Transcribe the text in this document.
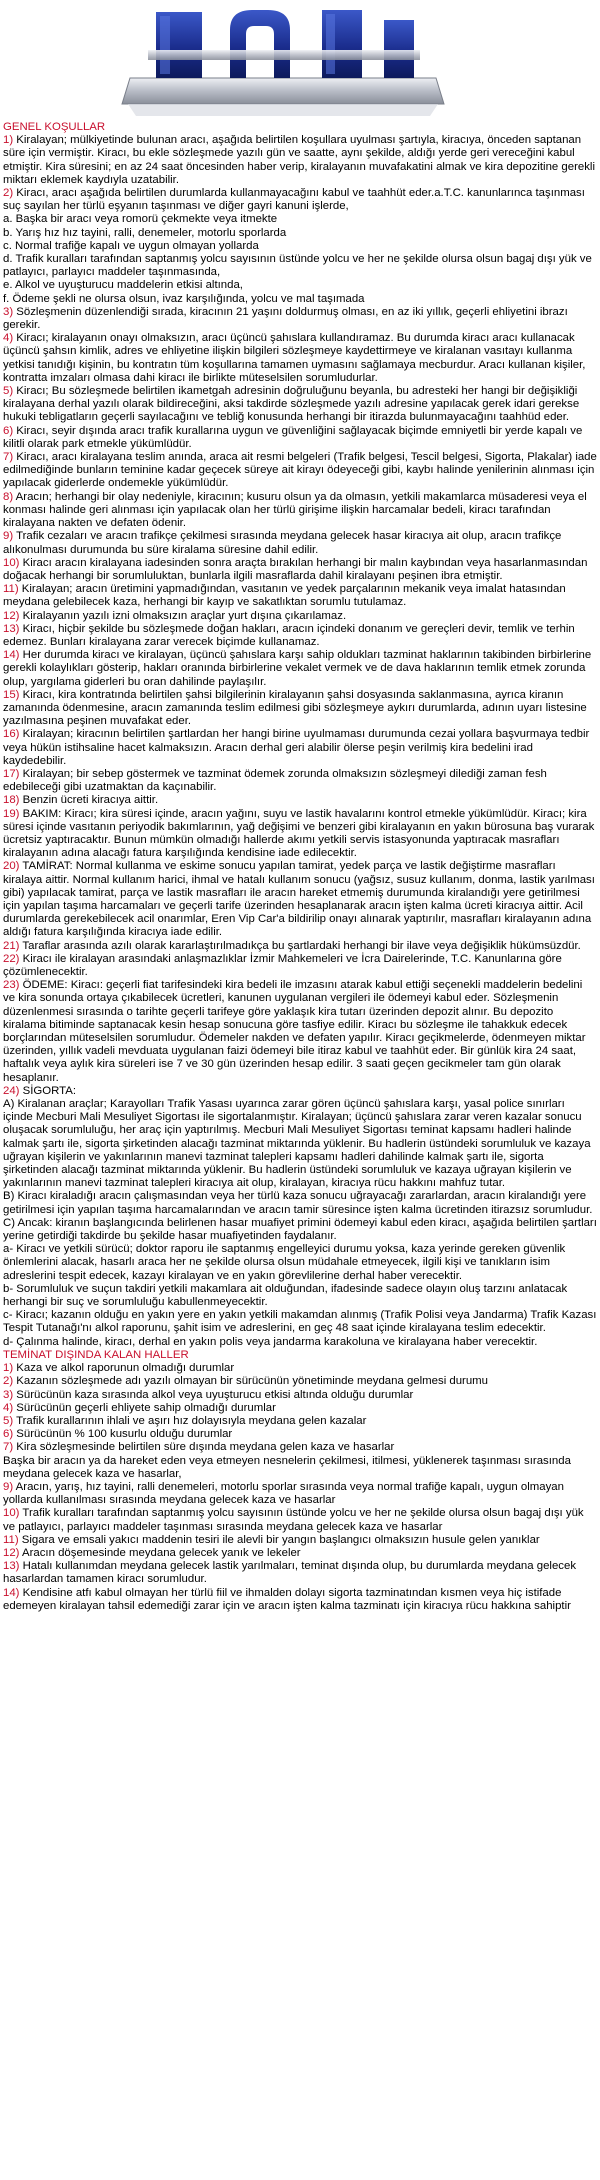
GENEL KOŞULLAR

1) Kiralayan; mülkiyetinde bulunan aracı, aşağıda belirtilen koşullara uyulması şartıyla, kiracıya, önceden saptanan süre için vermiştir. Kiracı, bu ekle sözleşmede yazılı gün ve saatte, aynı şekilde, aldığı yerde geri vereceğini kabul etmiştir. Kira süresini; en az 24 saat öncesinden haber verip, kiralayanın muvafakatini almak ve kira depozitine gerekli miktarı eklemek kaydıyla uzatabilir.

2) Kiracı, aracı aşağıda belirtilen durumlarda kullanmayacağını kabul ve taahhüt eder.a.T.C. kanunlarınca taşınması suç sayılan her türlü eşyanın taşınması ve diğer gayri kanuni işlerde,

a. Başka bir aracı veya romorü çekmekte veya itmekte

b. Yarış hız hız tayini, ralli, denemeler, motorlu sporlarda

c. Normal trafiğe kapalı ve uygun olmayan yollarda

d. Trafik kuralları tarafından saptanmış yolcu sayısının üstünde yolcu ve her ne şekilde olursa olsun bagaj dışı yük ve patlayıcı, parlayıcı maddeler taşınmasında,

e. Alkol ve uyuşturucu maddelerin etkisi altında,

f. Ödeme şekli ne olursa olsun, ivaz karşılığında, yolcu ve mal taşımada

3) Sözleşmenin düzenlendiği sırada, kiracının 21 yaşını doldurmuş olması, en az iki yıllık, geçerli ehliyetini ibrazı gerekir.

4) Kiracı; kiralayanın onayı olmaksızın, aracı üçüncü şahıslara kullandıramaz. Bu durumda kiracı aracı kullanacak üçüncü şahsın kimlik, adres ve ehliyetine ilişkin bilgileri sözleşmeye kaydettirmeye ve kiralanan vasıtayı kullanma yetkisi tanıdığı kişinin, bu kontratın tüm koşullarına tamamen uymasını sağlamaya mecburdur. Aracı kullanan kişiler, kontratta imzaları olmasa dahi kiracı ile birlikte müteselsilen sorumludurlar.

5) Kiracı; Bu sözleşmede belirtilen ikametgah adresinin doğruluğunu beyanla, bu adresteki her hangi bir değişikliği kiralayana derhal yazılı olarak bildireceğini, aksi takdirde sözleşmede yazılı adresine yapılacak gerek idari gerekse hukuki tebligatların geçerli sayılacağını ve tebliğ konusunda herhangi bir itirazda bulunmayacağını taahhüd eder.

6) Kiracı, seyir dışında aracı trafik kurallarına uygun ve güvenliğini sağlayacak biçimde emniyetli bir yerde kapalı ve kilitli olarak park etmekle yükümlüdür.

7) Kiracı, aracı kiralayana teslim anında, araca ait resmi belgeleri (Trafik belgesi, Tescil belgesi, Sigorta, Plakalar) iade edilmediğinde bunların teminine kadar geçecek süreye ait kirayı ödeyeceği gibi, kaybı halinde yenilerinin alınması için yapılacak giderlerde ondemekle yükümlüdür.

8) Aracın; herhangi bir olay nedeniyle, kiracının; kusuru olsun ya da olmasın, yetkili makamlarca müsaderesi veya el konması halinde geri alınması için yapılacak olan her türlü girişime ilişkin harcamalar bedeli, kiracı tarafından kiralayana nakten ve defaten ödenir.

9) Trafik cezaları ve aracın trafikçe çekilmesi sırasında meydana gelecek hasar kiracıya ait olup, aracın trafikçe alıkonulması durumunda bu süre kiralama süresine dahil edilir.

10) Kiracı aracın kiralayana iadesinden sonra araçta bırakılan herhangi bir malın kaybından veya hasarlanmasından doğacak herhangi bir sorumluluktan, bunlarla ilgili masraflarda dahil kiralayanı peşinen ibra etmiştir.

11) Kiralayan; aracın üretimini yapmadığından, vasıtanın ve yedek parçalarının mekanik veya imalat hatasından meydana gelebilecek kaza, herhangi bir kayıp ve sakatlıktan sorumlu tutulamaz.

12) Kiralayanın yazılı izni olmaksızın araçlar yurt dışına çıkarılamaz.

13) Kiracı, hiçbir şekilde bu sözleşmede doğan hakları, aracın içindeki donanım ve gereçleri devir, temlik ve terhin edemez. Bunları kiralayana zarar verecek biçimde kullanamaz.

14) Her durumda kiracı ve kiralayan, üçüncü şahıslara karşı sahip oldukları tazminat haklarının takibinden birbirlerine gerekli kolaylıkları gösterip, hakları oranında birbirlerine vekalet vermek ve de dava haklarının temlik etmek zorunda olup, yargılama giderleri bu oran dahilinde paylaşılır.

15) Kiracı, kira kontratında belirtilen şahsi bilgilerinin kiralayanın şahsi dosyasında saklanmasına, ayrıca kiranın zamanında ödenmesine, aracın zamanında teslim edilmesi gibi sözleşmeye aykırı durumlarda, adının uyarı listesine yazılmasına peşinen muvafakat eder.

16) Kiralayan; kiracının belirtilen şartlardan her hangi birine uyulmaması durumunda cezai yollara başvurmaya tedbir veya hükün istihsaline hacet kalmaksızın. Aracın derhal geri alabilir ölerse peşin verilmiş kira bedelini irad kaydedebilir.

17) Kiralayan; bir sebep göstermek ve tazminat ödemek zorunda olmaksızın sözleşmeyi dilediği zaman fesh edebileceği gibi uzatmaktan da kaçınabilir.

18) Benzin ücreti kiracıya aittir.

19) BAKIM: Kiracı; kira süresi içinde, aracın yağını, suyu ve lastik havalarını kontrol etmekle yükümlüdür. Kiracı; kira süresi içinde vasıtanın periyodik bakımlarının, yağ değişimi ve benzeri gibi kiralayanın en yakın bürosuna baş vurarak ücretsiz yaptıracaktır. Bunun mümkün olmadığı hallerde akımı yetkili servis istasyonunda yaptıracak masrafları kiralayanın adına alacağı fatura karşılığında kendisine iade edilecektir.

20) TAMİRAT: Normal kullanma ve eskime sonucu yapılan tamirat, yedek parça ve lastik değiştirme masrafları kiralaya aittir. Normal kullanım harici, ihmal ve hatalı kullanım sonucu (yağsız, susuz kullanım, donma, lastik yarılması gibi) yapılacak tamirat, parça ve lastik masrafları ile aracın hareket etmemiş durumunda kiralandığı yere getirilmesi için yapılan taşıma harcamaları ve geçerli tarife üzerinden hesaplanarak aracın işten kalma ücreti kiracıya aittir. Acil durumlarda gerekebilecek acil onarımlar, Eren Vip Car'a bildirilip onayı alınarak yaptırılır, masrafları kiralayanın adına aldığı fatura karşılığında kiracıya iade edilir.

21) Taraflar arasında azılı olarak kararlaştırılmadıkça bu şartlardaki herhangi bir ilave veya değişiklik hükümsüzdür.

22) Kiracı ile kiralayan arasındaki anlaşmazlıklar İzmir Mahkemeleri ve İcra Dairelerinde, T.C. Kanunlarına göre çözümlenecektir.

23) ÖDEME: Kiracı: geçerli fiat tarifesindeki kira bedeli ile imzasını atarak kabul ettiği seçenekli maddelerin bedelini ve kira sonunda ortaya çıkabilecek ücretleri, kanunen uygulanan vergileri ile ödemeyi kabul eder. Sözleşmenin düzenlenmesi sırasında o tarihte geçerli tarifeye göre yaklaşık kira tutarı üzerinden depozit alınır. Bu depozito kiralama bitiminde saptanacak kesin hesap sonucuna göre tasfiye edilir. Kiracı bu sözleşme ile tahakkuk edecek borçlarından müteselsilen sorumludur. Ödemeler nakden ve defaten yapılır. Kiracı geçikmelerde, ödenmeyen miktar üzerinden, yıllık vadeli mevduata uygulanan faizi ödemeyi bile itiraz kabul ve taahhüt eder. Bir günlük kira 24 saat, haftalık veya aylık kira süreleri ise 7 ve 30 gün üzerinden hesap edilir. 3 saati geçen gecikmeler tam gün olarak hesaplanır.

24) SİGORTA:

A) Kiralanan araçlar; Karayolları Trafik Yasası uyarınca zarar gören üçüncü şahıslara karşı, yasal police sınırları içinde Mecburi Mali Mesuliyet Sigortası ile sigortalanmıştır. Kiralayan; üçüncü şahıslara zarar veren kazalar sonucu oluşacak sorumluluğu, her araç için yaptırılmış. Mecburi Mali Mesuliyet Sigortası teminat kapsamı hadleri halinde kalmak şartı ile, sigorta şirketinden alacağı tazminat miktarında yüklenir. Bu hadlerin üstündeki sorumluluk ve kazaya uğrayan kişilerin ve yakınlarının manevi tazminat talepleri kapsamı hadleri dahilinde kalmak şartı ile, sigorta şirketinden alacağı tazminat miktarında yüklenir. Bu hadlerin üstündeki sorumluluk ve kazaya uğrayan kişilerin ve yakınlarının manevi tazminat talepleri kiracıya ait olup, kiralayan, kiracıya rücu hakkını mahfuz tutar.

B) Kiracı kiraladığı aracın çalışmasından veya her türlü kaza sonucu uğrayacağı zararlardan, aracın kiralandığı yere getirilmesi için yapılan taşıma harcamalarından ve aracın tamir süresince işten kalma ücretinden itirazsız sorumludur.

C) Ancak: kiranın başlangıcında belirlenen hasar muafiyet primini ödemeyi kabul eden kiracı, aşağıda belirtilen şartları yerine getirdiği takdirde bu şekilde hasar muafiyetinden faydalanır.

a- Kiracı ve yetkili sürücü; doktor raporu ile saptanmış engelleyici durumu yoksa, kaza yerinde gereken güvenlik önlemlerini alacak, hasarlı araca her ne şekilde olursa olsun müdahale etmeyecek, ilgili kişi ve tanıkların isim adreslerini tespit edecek, kazayı kiralayan ve en yakın görevlilerine derhal haber verecektir.

b- Sorumluluk ve suçun takdiri yetkili makamlara ait olduğundan, ifadesinde sadece olayın oluş tarzını anlatacak herhangi bir suç ve sorumluluğu kabullenmeyecektir.

c- Kiracı; kazanın olduğu en yakın yere en yakın yetkili makamdan alınmış (Trafik Polisi veya Jandarma) Trafik Kazası Tespit Tutanağı'nı alkol raporunu, şahit isim ve adreslerini, en geç 48 saat içinde kiralayana teslim edecektir.

d- Çalınma halinde, kiracı, derhal en yakın polis veya jandarma karakoluna ve kiralayana haber verecektir.

TEMİNAT DIŞINDA KALAN HALLER

1) Kaza ve alkol raporunun olmadığı durumlar

2) Kazanın sözleşmede adı yazılı olmayan bir sürücünün yönetiminde meydana gelmesi durumu

3) Sürücünün kaza sırasında alkol veya uyuşturucu etkisi altında olduğu durumlar

4) Sürücünün geçerli ehliyete sahip olmadığı durumlar

5) Trafik kurallarının ihlali ve aşırı hız dolayısıyla meydana gelen kazalar

6) Sürücünün % 100 kusurlu olduğu durumlar

7) Kira sözleşmesinde belirtilen süre dışında meydana gelen kaza ve hasarlar

Başka bir aracın ya da hareket eden veya etmeyen nesnelerin çekilmesi, itilmesi, yüklenerek taşınması sırasında meydana gelecek kaza ve hasarlar,

9) Aracın, yarış, hız tayini, ralli denemeleri, motorlu sporlar sırasında veya normal trafiğe kapalı, uygun olmayan yollarda kullanılması sırasında meydana gelecek kaza ve hasarlar

10) Trafik kuralları tarafından saptanmış yolcu sayısının üstünde yolcu ve her ne şekilde olursa olsun bagaj dışı yük ve patlayıcı, parlayıcı maddeler taşınması sırasında meydana gelecek kaza ve hasarlar

11) Sigara ve emsali yakıcı maddenin tesiri ile alevli bir yangın başlangıcı olmaksızın husule gelen yanıklar

12) Aracın döşemesinde meydana gelecek yanık ve lekeler

13) Hatalı kullanımdan meydana gelecek lastik yarılmaları, teminat dışında olup, bu durumlarda meydana gelecek hasarlardan tamamen kiracı sorumludur.

14) Kendisine atfı kabul olmayan her türlü fiil ve ihmalden dolayı sigorta tazminatından kısmen veya hiç istifade edemeyen kiralayan tahsil edemediği zarar için ve aracın işten kalma tazminatı için kiracıya rücu hakkına sahiptir
